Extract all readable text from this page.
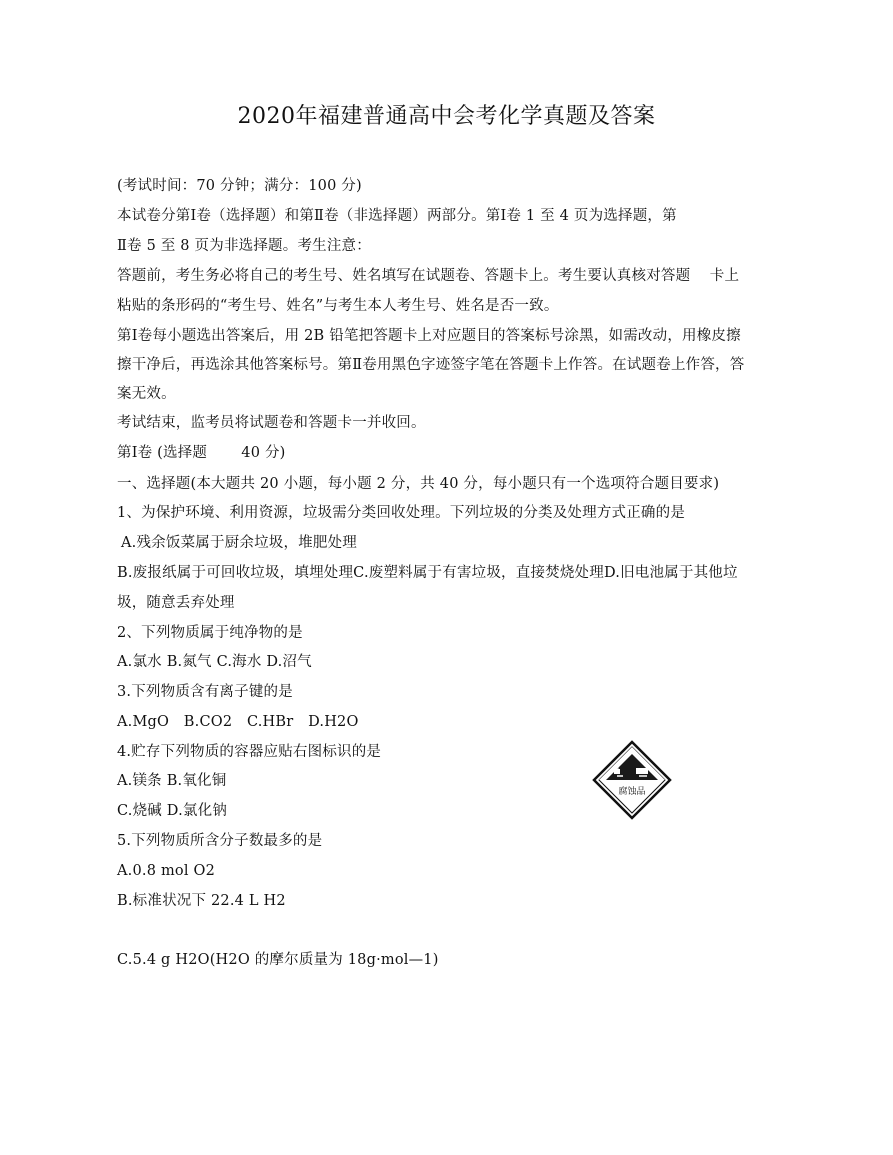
2020年福建普通高中会考化学真题及答案
(考试时间：70 分钟；满分：100 分)
本试卷分第Ⅰ卷（选择题）和第Ⅱ卷（非选择题）两部分。第Ⅰ卷 1 至 4 页为选择题，第
Ⅱ卷 5 至 8 页为非选择题。考生注意：
答题前，考生务必将自己的考生号、姓名填写在试题卷、答题卡上。考生要认真核对答题　 卡上
粘贴的条形码的“考生号、姓名”与考生本人考生号、姓名是否一致。
第Ⅰ卷每小题选出答案后，用 2B 铅笔把答题卡上对应题目的答案标号涂黑，如需改动，用橡皮擦
擦干净后，再选涂其他答案标号。第Ⅱ卷用黑色字迹签字笔在答题卡上作答。在试题卷上作答，答
案无效。
考试结束，监考员将试题卷和答题卡一并收回。
第Ⅰ卷 (选择题　　 40 分)
一、选择题(本大题共 20 小题，每小题 2 分，共 40 分，每小题只有一个选项符合题目要求)
1、为保护环境、利用资源，垃圾需分类回收处理。下列垃圾的分类及处理方式正确的是
A.残余饭菜属于厨余垃圾，堆肥处理
B.废报纸属于可回收垃圾，填埋处理C.废塑料属于有害垃圾，直接焚烧处理D.旧电池属于其他垃
圾，随意丢弃处理
2、下列物质属于纯净物的是
A.氯水 B.氮气 C.海水 D.沼气
3.下列物质含有离子键的是
A.MgO　B.CO2　C.HBr　D.H2O
4.贮存下列物质的容器应贴右图标识的是
A.镁条 B.氧化铜
C.烧碱 D.氯化钠
5.下列物质所含分子数最多的是
A.0.8 mol O2
B.标准状况下 22.4 L H2
C.5.4 g H2O(H2O 的摩尔质量为 18g·mol—1)
腐蚀品
